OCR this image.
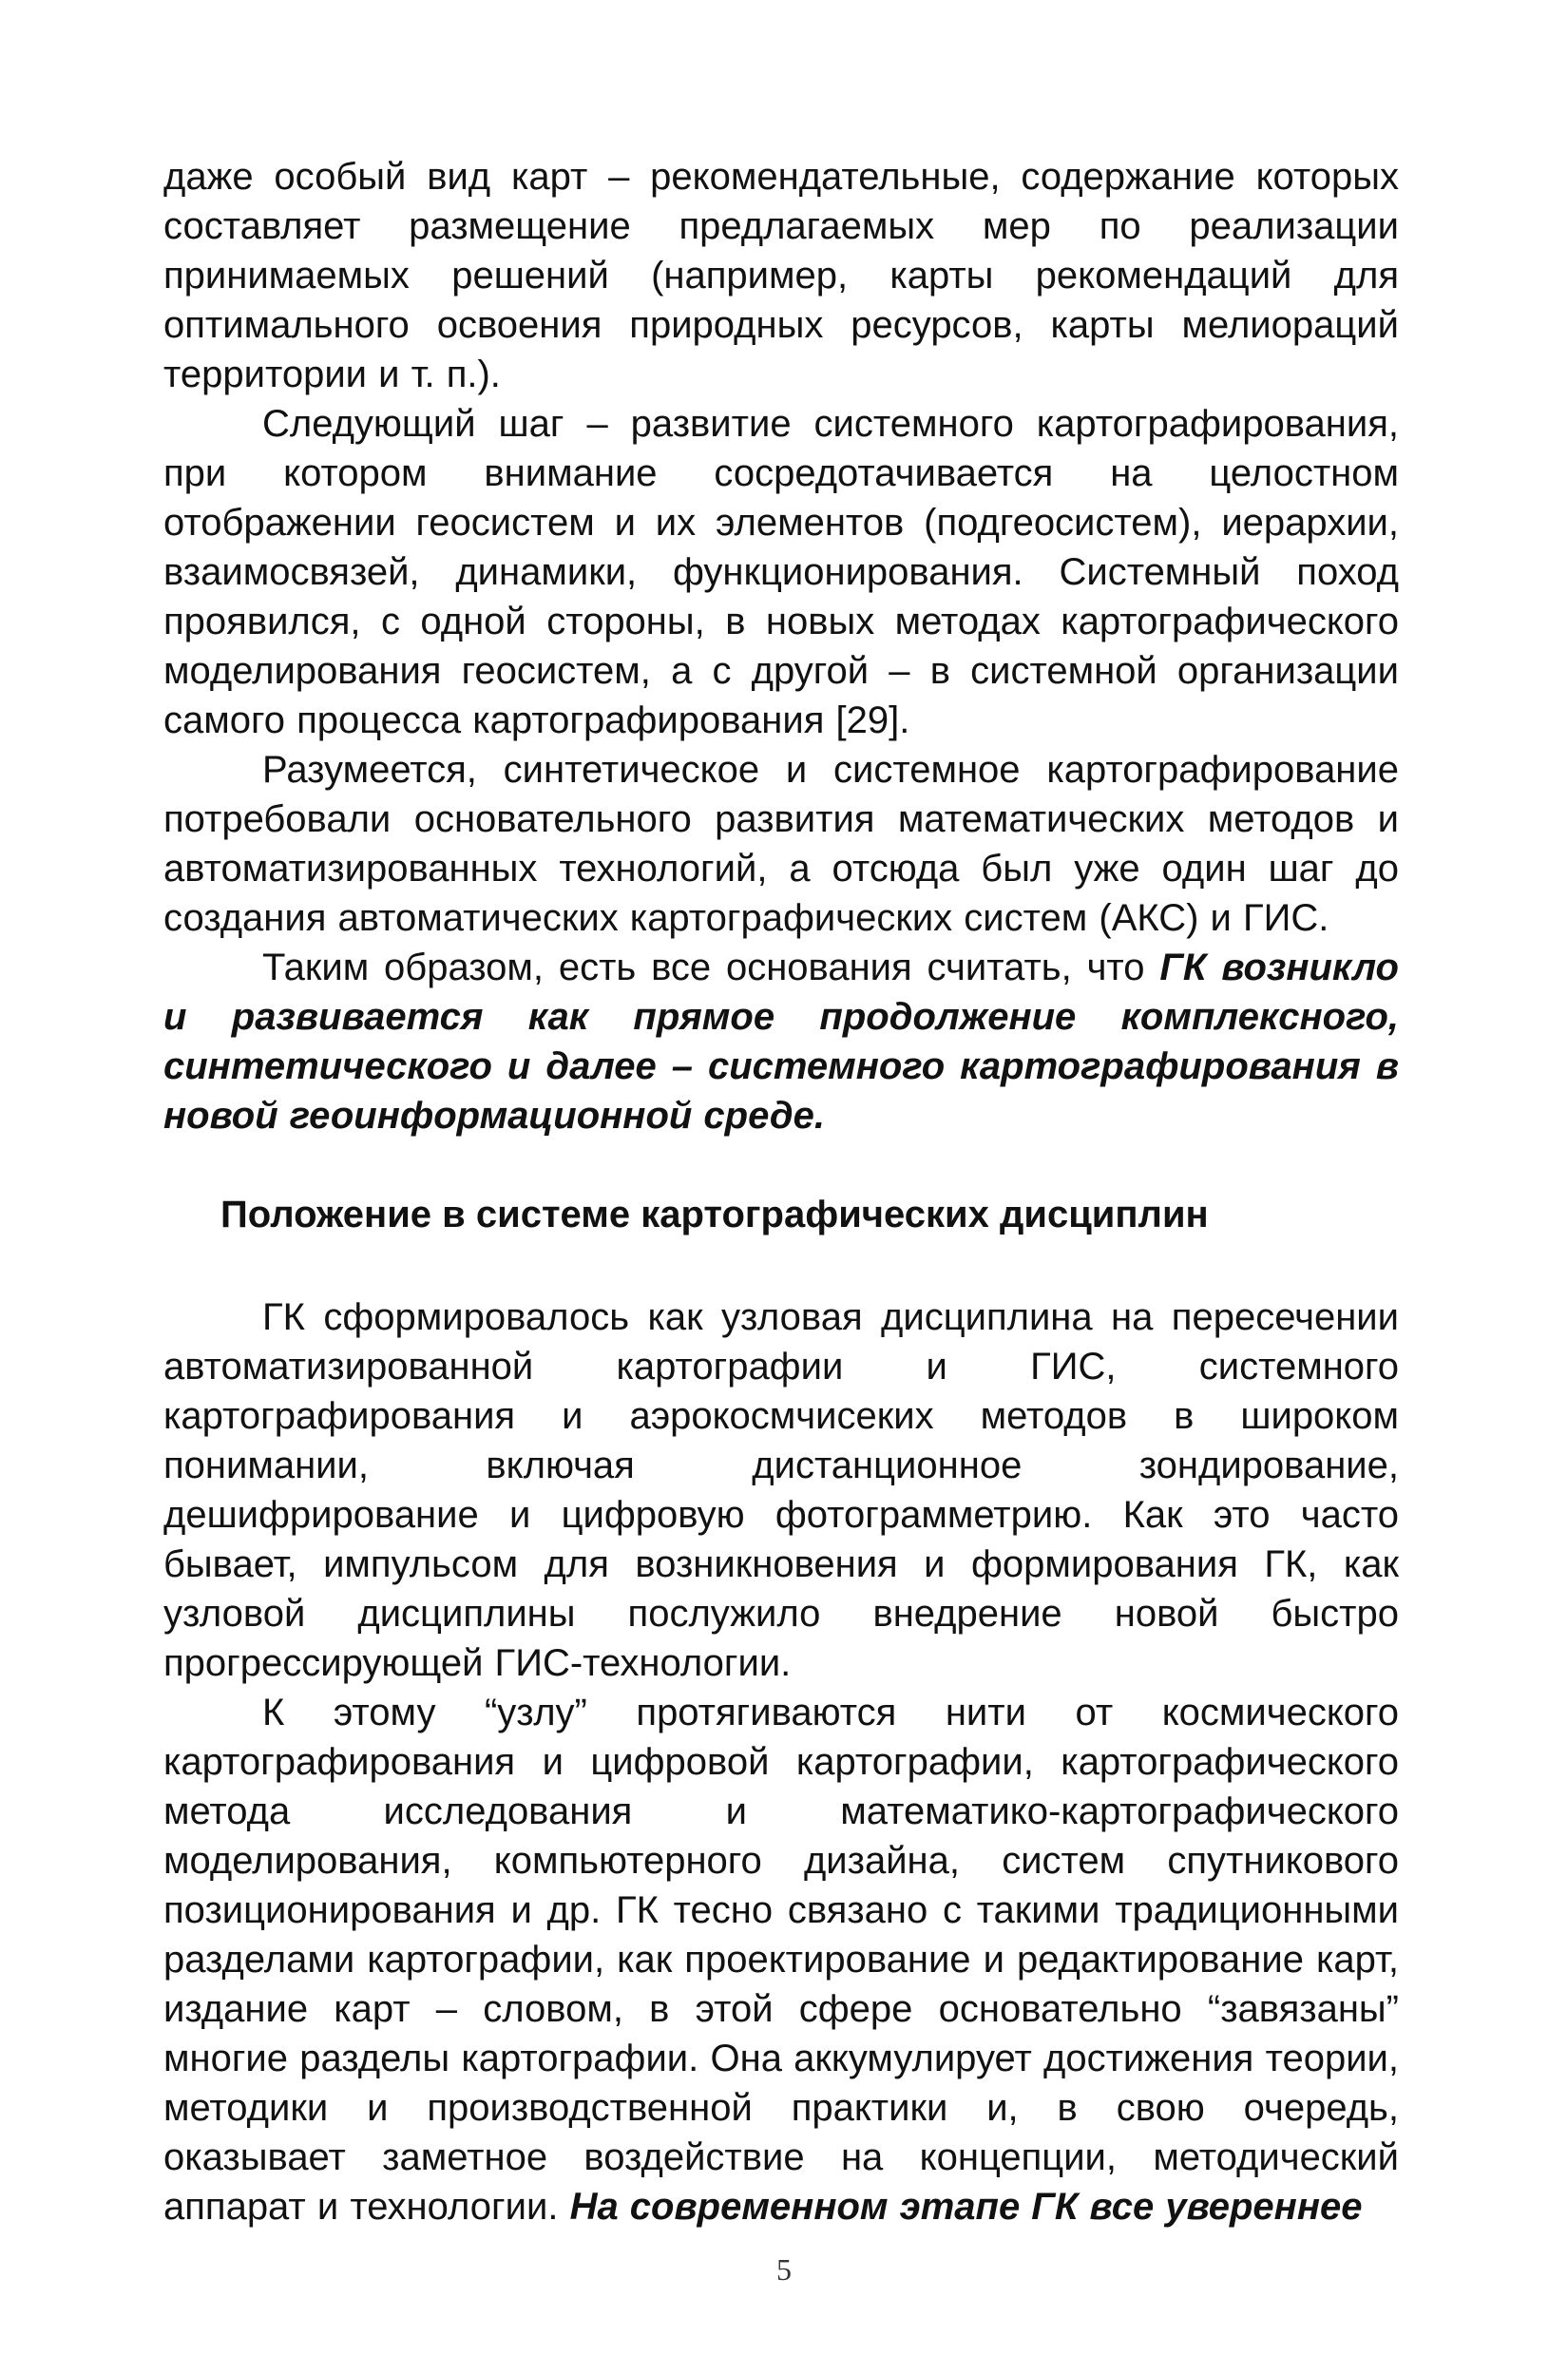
даже особый вид карт – рекомендательные, содержание которых составляет размещение предлагаемых мер по реализации принимаемых решений (например, карты рекомендаций для оптимального освоения природных ресурсов, карты мелиораций территории и т. п.).

Следующий шаг – развитие системного картографирования, при котором внимание сосредотачивается на целостном отображении геосистем и их элементов (подгеосистем), иерархии, взаимосвязей, динамики, функционирования. Системный поход проявился, с одной стороны, в новых методах картографического моделирования геосистем, а с другой – в системной организации самого процесса картографирования [29].

Разумеется, синтетическое и системное картографирование потребовали основательного развития математических методов и автоматизированных технологий, а отсюда был уже один шаг до создания автоматических картографических систем (АКС) и ГИС.

Таким образом, есть все основания считать, что ГК возникло и развивается как прямое продолжение комплексного, синтетического и далее – системного картографирования в новой геоинформационной среде.

Положение в системе картографических дисциплин

ГК сформировалось как узловая дисциплина на пересечении автоматизированной картографии и ГИС, системного картографирования и аэрокосмчисеких методов в широком понимании, включая дистанционное зондирование, дешифрирование и цифровую фотограмметрию. Как это часто бывает, импульсом для возникновения и формирования ГК, как узловой дисциплины послужило внедрение новой быстро прогрессирующей ГИС-технологии.

К этому “узлу” протягиваются нити от космического картографирования и цифровой картографии, картографического метода исследования и математико-картографического моделирования, компьютерного дизайна, систем спутникового позиционирования и др. ГК тесно связано с такими традиционными разделами картографии, как проектирование и редактирование карт, издание карт – словом, в этой сфере основательно “завязаны” многие разделы картографии. Она аккумулирует достижения теории, методики и производственной практики и, в свою очередь, оказывает заметное воздействие на концепции, методический аппарат и технологии. На современном этапе ГК все увереннее

5
